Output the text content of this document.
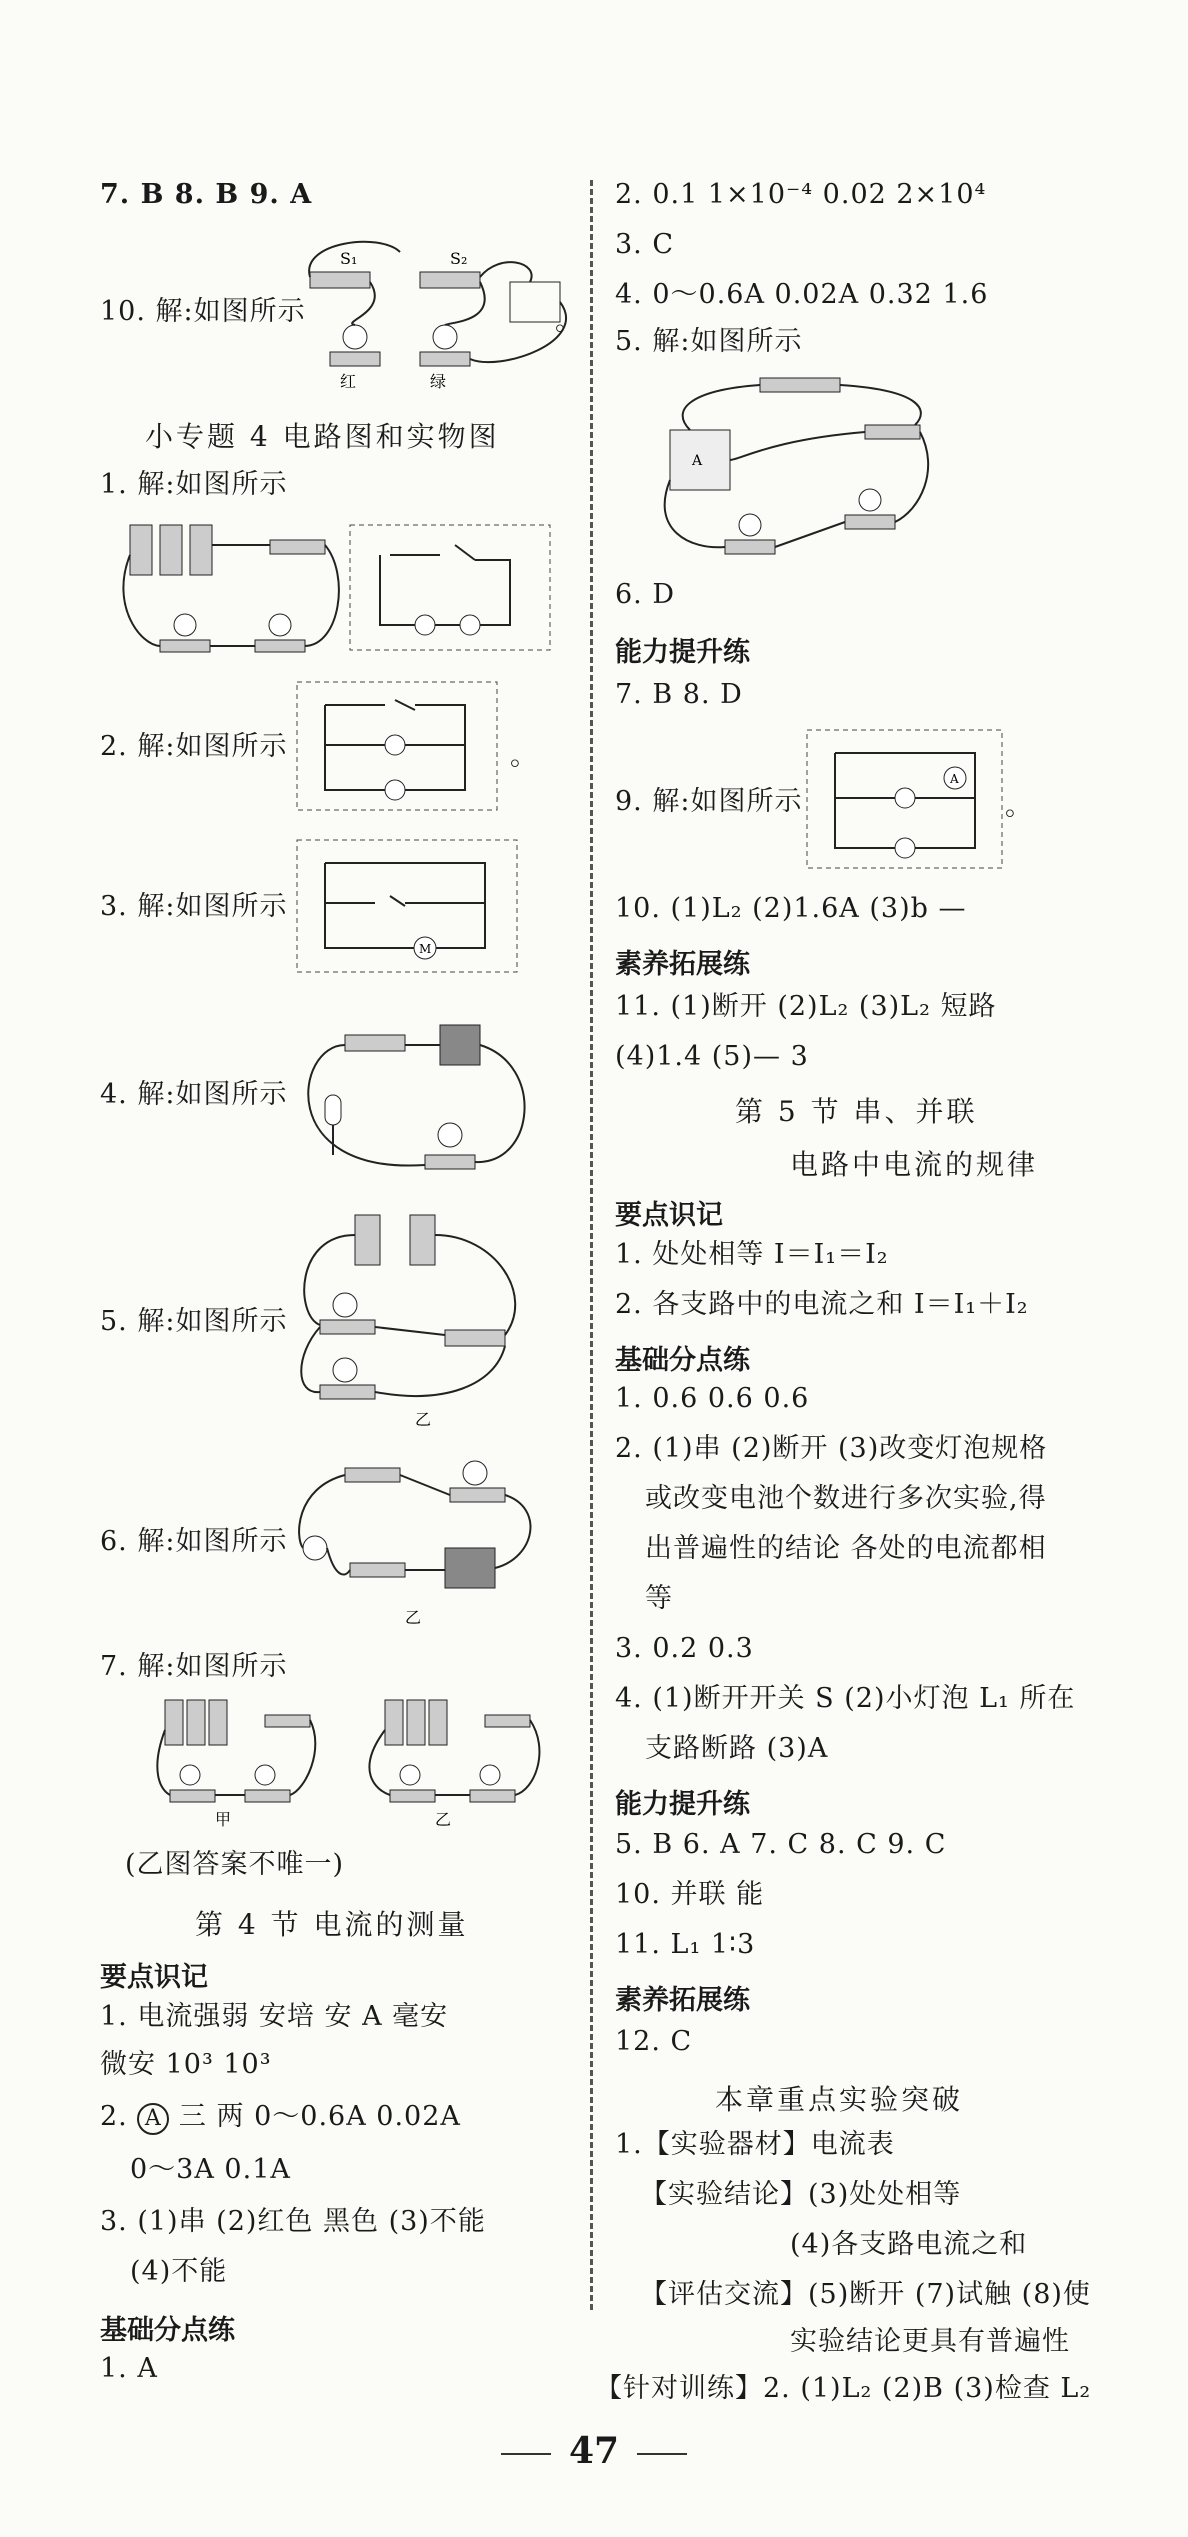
7. B 8. B 9. A
S₁	S₂
红	绿
10. 解:如图所示	。
小专题 4 电路图和实物图
1. 解:如图所示
2. 解:如图所示	。
3. 解:如图所示
M
4. 解:如图所示
5. 解:如图所示
乙
6. 解:如图所示
乙
7. 解:如图所示
甲	乙
(乙图答案不唯一)
第 4 节 电流的测量
要点识记
1. 电流强弱 安培 安 A 毫安
微安 10³ 10³
2. A 三 两 0～0.6A 0.02A
0～3A 0.1A
3. (1)串 (2)红色 黑色 (3)不能
(4)不能
基础分点练
1. A
2. 0.1 1×10⁻⁴ 0.02 2×10⁴
3. C
4. 0～0.6A 0.02A 0.32 1.6
5. 解:如图所示
A
6. D
能力提升练
7. B 8. D
9. 解:如图所示
A
。
10. (1)L₂ (2)1.6A (3)b —
素养拓展练
11. (1)断开 (2)L₂ (3)L₂ 短路
(4)1.4 (5)— 3
第 5 节 串、并联
电路中电流的规律
要点识记
1. 处处相等 I＝I₁＝I₂
2. 各支路中的电流之和 I＝I₁＋I₂
基础分点练
1. 0.6 0.6 0.6
2. (1)串 (2)断开 (3)改变灯泡规格
或改变电池个数进行多次实验,得
出普遍性的结论 各处的电流都相
等
3. 0.2 0.3
4. (1)断开开关 S (2)小灯泡 L₁ 所在
支路断路 (3)A
能力提升练
5. B 6. A 7. C 8. C 9. C
10. 并联 能
11. L₁ 1∶3
素养拓展练
12. C
本章重点实验突破
1.【实验器材】电流表
【实验结论】(3)处处相等
(4)各支路电流之和
【评估交流】(5)断开 (7)试触 (8)使
实验结论更具有普遍性
【针对训练】2. (1)L₂ (2)B (3)检查 L₂
47
